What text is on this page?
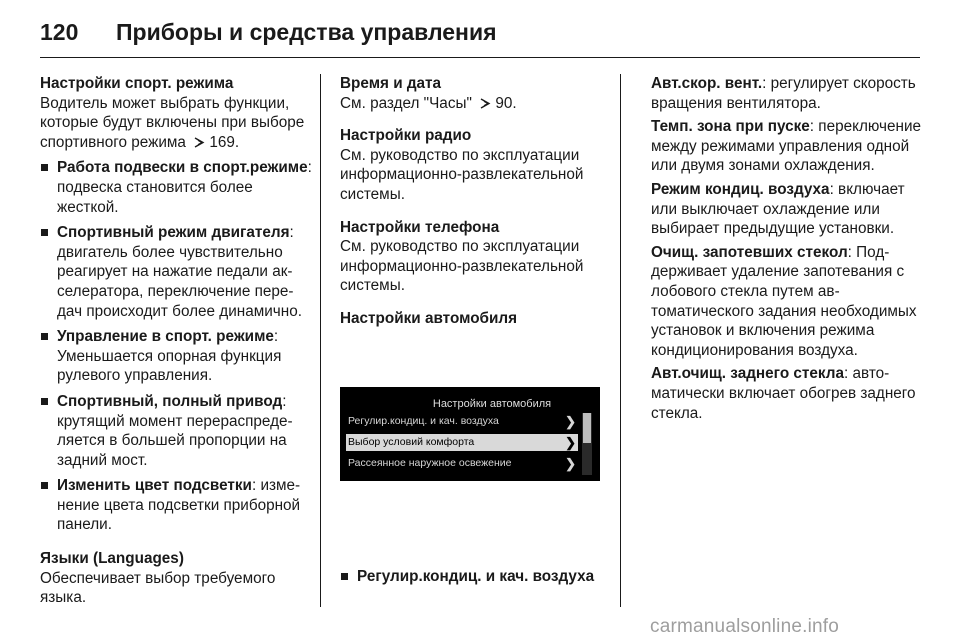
120 Приборы и средства управления
Настройки спорт. режима
Водитель может выбрать функции, которые будут включены при выборе спортивного режима  169.
Работа подвески в спорт.режиме: подвеска становится более жесткой.
Спортивный режим двигателя: двигатель более чувствительно реагирует на нажатие педали акселератора, переключение передач происходит более динамично.
Управление в спорт. режиме: Уменьшается опорная функция рулевого управления.
Спортивный, полный привод: крутящий момент перераспределяется в большей пропорции на задний мост.
Изменить цвет подсветки: изменение цвета подсветки приборной панели.
Языки (Languages)
Обеспечивает выбор требуемого языка.
Время и дата
См. раздел "Часы"  90.
Настройки радио
См. руководство по эксплуатации информационно-развлекательной системы.
Настройки телефона
См. руководство по эксплуатации информационно-развлекательной системы.
Настройки автомобиля
Настройки автомобиля
Регулир.кондиц. и кач. воздуха	❯
Выбор условий комфорта	❯
Рассеянное наружное освежение	❯
Регулир.кондиц. и кач. воздуха
Авт.скор. вент.: регулирует скорость вращения вентилятора.
Темп. зона при пуске: переключение между режимами управления одной или двумя зонами охлаждения.
Режим кондиц. воздуха: включает или выключает охлаждение или выбирает предыдущие установки.
Очищ. запотевших стекол: Поддерживает удаление запотевания с лобового стекла путем автоматического задания необходимых установок и включения режима кондиционирования воздуха.
Авт.очищ. заднего стекла: автоматически включает обогрев заднего стекла.
carmanualsonline.info
